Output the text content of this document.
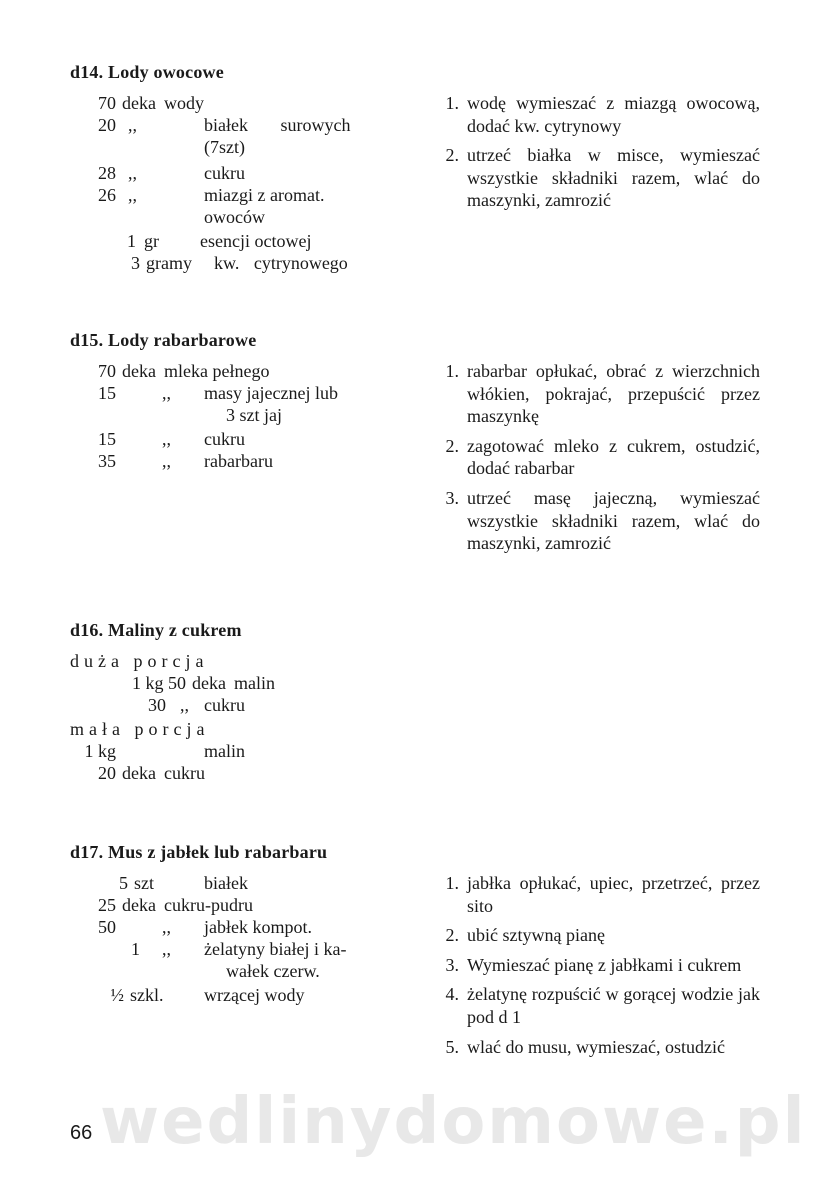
d14. Lody owocowe
70 deka wody
20 ,,	białek surowych
(7szt)
28 ,,	cukru
26 ,,	miazgi z aromat.
owoców
1 gr esencji octowej
3 gramy kw. cytrynowego
1. wodę wymieszać z miazgą owocową, dodać kw. cytrynowy
2. utrzeć białka w misce, wymieszać wszystkie składniki razem, wlać do maszynki, zamrozić
d15. Lody rabarbarowe
70 deka mleka pełnego
15	,, masy jajecznej lub
3 szt jaj
15	,, cukru
35	,, rabarbaru
1. rabarbar opłukać, obrać z wierzchnich włókien, pokrajać, przepuścić przez maszynkę
2. zagotować mleko z cukrem, ostudzić, dodać rabarbar
3. utrzeć masę jajeczną, wymieszać wszystkie składniki razem, wlać do maszynki, zamrozić
d16. Maliny z cukrem
duża porcja
1 kg 50 deka malin
30 ,, cukru
mała porcja
1 kg	malin
20 deka cukru
d17. Mus z jabłek lub rabarbaru
5 szt	białek
25 deka cukru-pudru
50	,, jabłek kompot.
1 ,, żelatyny białej i ka-
wałek czerw.
½ szkl. wrzącej wody
1. jabłka opłukać, upiec, przetrzeć, przez sito
2. ubić sztywną pianę
3. Wymieszać pianę z jabłkami i cukrem
4. żelatynę rozpuścić w gorącej wodzie jak pod d 1
5. wlać do musu, wymieszać, ostudzić
wedlinydomowe.pl
66
